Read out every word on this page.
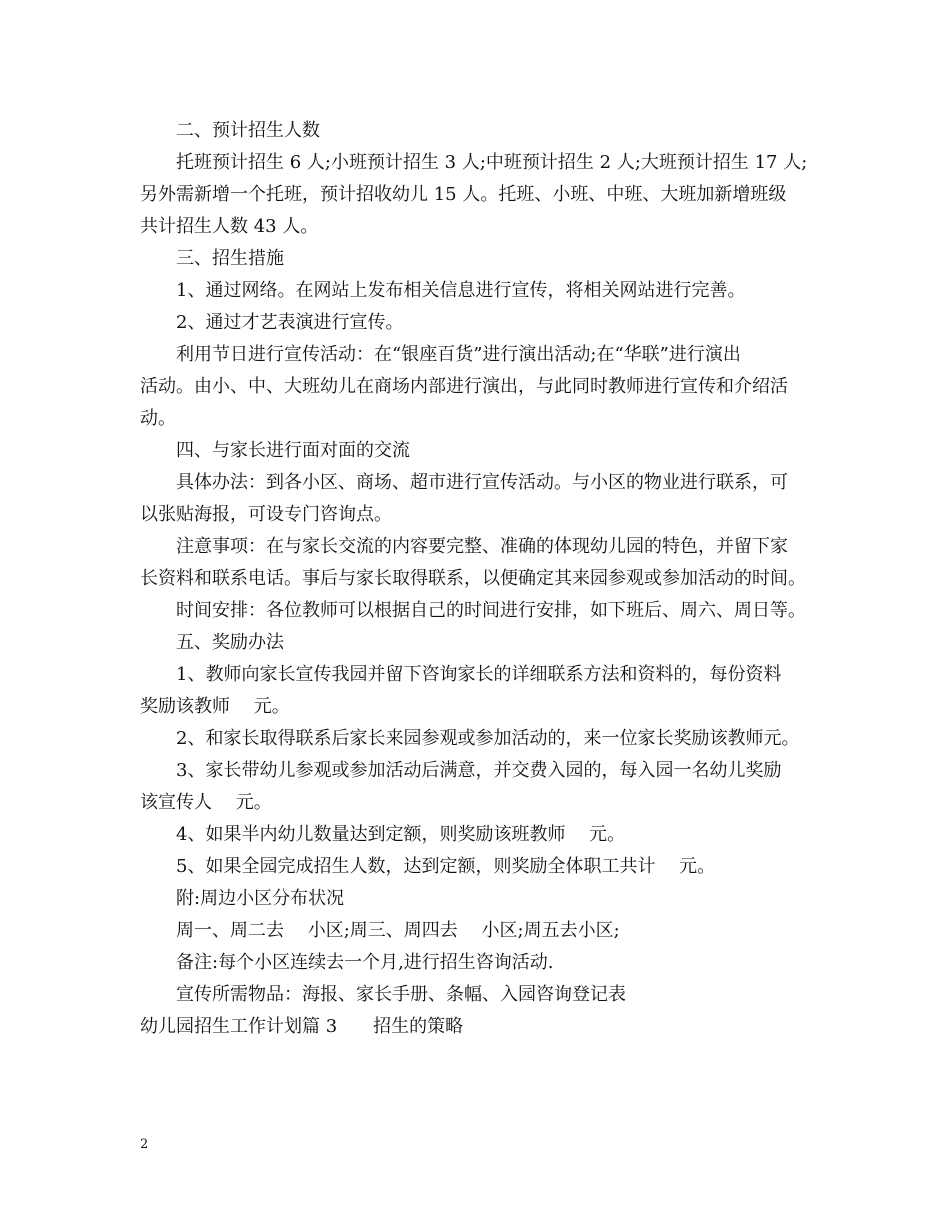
二、预计招生人数

托班预计招生 6 人;小班预计招生 3 人;中班预计招生 2 人;大班预计招生 17 人;

另外需新增一个托班，预计招收幼儿 15 人。托班、小班、中班、大班加新增班级

共计招生人数 43 人。

三、招生措施

1、通过网络。在网站上发布相关信息进行宣传，将相关网站进行完善。

2、通过才艺表演进行宣传。

利用节日进行宣传活动：在“银座百货”进行演出活动;在“华联”进行演出

活动。由小、中、大班幼儿在商场内部进行演出，与此同时教师进行宣传和介绍活

动。

四、与家长进行面对面的交流

具体办法：到各小区、商场、超市进行宣传活动。与小区的物业进行联系，可

以张贴海报，可设专门咨询点。

注意事项：在与家长交流的内容要完整、准确的体现幼儿园的特色，并留下家

长资料和联系电话。事后与家长取得联系，以便确定其来园参观或参加活动的时间。

时间安排：各位教师可以根据自己的时间进行安排，如下班后、周六、周日等。

五、奖励办法

1、教师向家长宣传我园并留下咨询家长的详细联系方法和资料的，每份资料

奖励该教师　 元。

2、和家长取得联系后家长来园参观或参加活动的，来一位家长奖励该教师元。

3、家长带幼儿参观或参加活动后满意，并交费入园的，每入园一名幼儿奖励

该宣传人　 元。

4、如果半内幼儿数量达到定额，则奖励该班教师　 元。

5、如果全园完成招生人数，达到定额，则奖励全体职工共计　 元。

附:周边小区分布状况

周一、周二去　 小区;周三、周四去　 小区;周五去小区;

备注:每个小区连续去一个月,进行招生咨询活动.

宣传所需物品：海报、家长手册、条幅、入园咨询登记表

幼儿园招生工作计划篇 3　　招生的策略

2
